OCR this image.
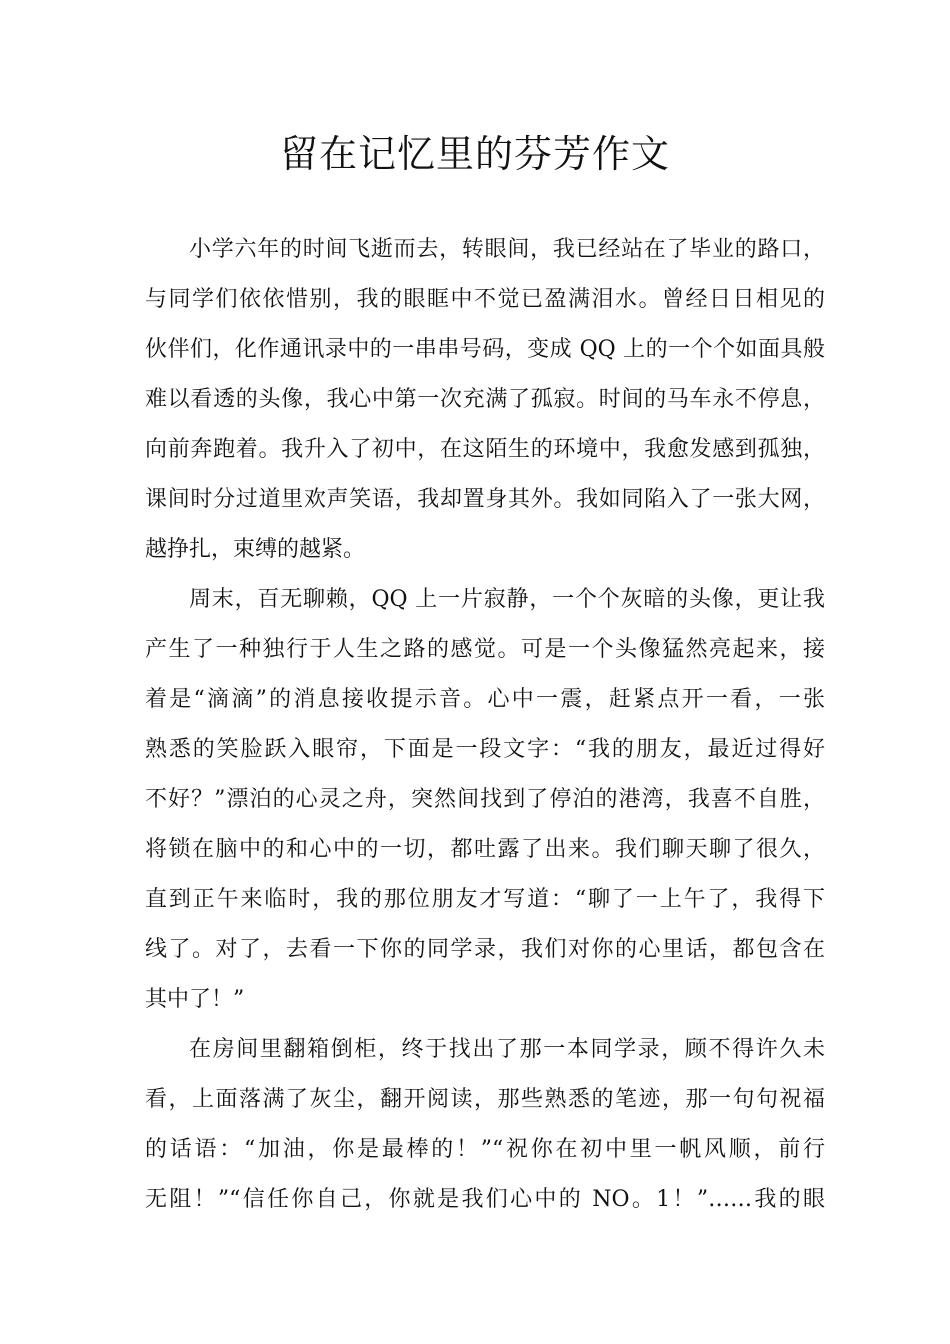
留在记忆里的芬芳作文
小学六年的时间飞逝而去，转眼间，我已经站在了毕业的路口，
与同学们依依惜别，我的眼眶中不觉已盈满泪水。曾经日日相见的
伙伴们，化作通讯录中的一串串号码，变成 QQ 上的一个个如面具般
难以看透的头像，我心中第一次充满了孤寂。时间的马车永不停息，
向前奔跑着。我升入了初中，在这陌生的环境中，我愈发感到孤独，
课间时分过道里欢声笑语，我却置身其外。我如同陷入了一张大网，
越挣扎，束缚的越紧。
周末，百无聊赖，QQ 上一片寂静，一个个灰暗的头像，更让我
产生了一种独行于人生之路的感觉。可是一个头像猛然亮起来，接
着是“滴滴”的消息接收提示音。心中一震，赶紧点开一看，一张
熟悉的笑脸跃入眼帘，下面是一段文字：“我的朋友，最近过得好
不好？”漂泊的心灵之舟，突然间找到了停泊的港湾，我喜不自胜，
将锁在脑中的和心中的一切，都吐露了出来。我们聊天聊了很久，
直到正午来临时，我的那位朋友才写道：“聊了一上午了，我得下
线了。对了，去看一下你的同学录，我们对你的心里话，都包含在
其中了！”
在房间里翻箱倒柜，终于找出了那一本同学录，顾不得许久未
看，上面落满了灰尘，翻开阅读，那些熟悉的笔迹，那一句句祝福
的话语：“加油，你是最棒的！”“祝你在初中里一帆风顺，前行
无阻！”“信任你自己，你就是我们心中的 NO。1！”……我的眼
